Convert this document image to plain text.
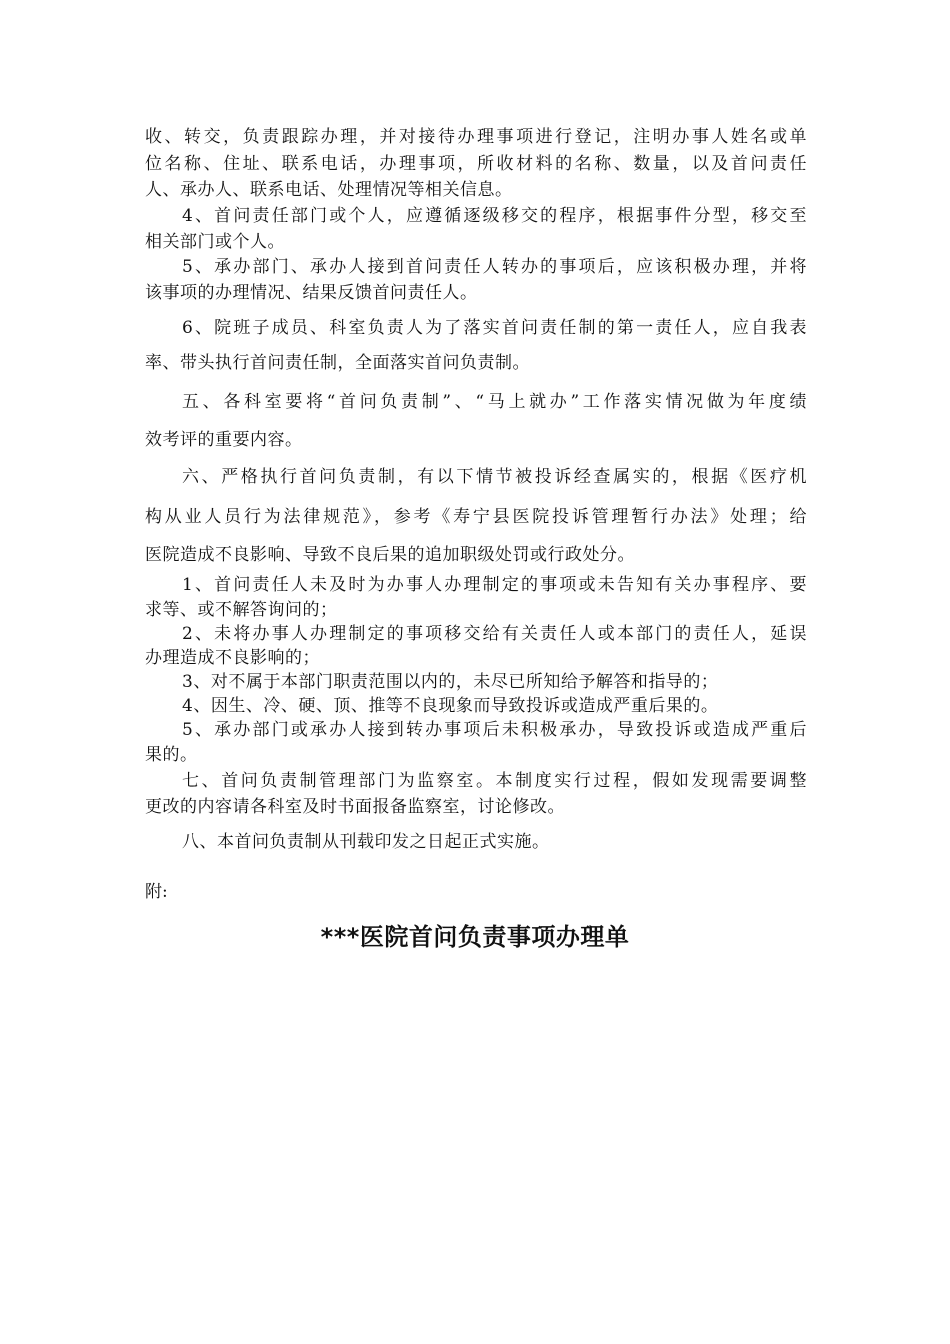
收、转交，负责跟踪办理，并对接待办理事项进行登记，注明办事人姓名或单
位名称、住址、联系电话，办理事项，所收材料的名称、数量，以及首问责任
人、承办人、联系电话、处理情况等相关信息。
4、首问责任部门或个人，应遵循逐级移交的程序，根据事件分型，移交至
相关部门或个人。
5、承办部门、承办人接到首问责任人转办的事项后，应该积极办理，并将
该事项的办理情况、结果反馈首问责任人。
6、院班子成员、科室负责人为了落实首问责任制的第一责任人，应自我表
率、带头执行首问责任制，全面落实首问负责制。
五、各科室要将“首问负责制”、“马上就办”工作落实情况做为年度绩
效考评的重要内容。
六、严格执行首问负责制，有以下情节被投诉经查属实的，根据《医疗机
构从业人员行为法律规范》，参考《寿宁县医院投诉管理暂行办法》处理；给
医院造成不良影响、导致不良后果的追加职级处罚或行政处分。
1、首问责任人未及时为办事人办理制定的事项或未告知有关办事程序、要
求等、或不解答询问的；
2、未将办事人办理制定的事项移交给有关责任人或本部门的责任人，延误
办理造成不良影响的；
3、对不属于本部门职责范围以内的，未尽已所知给予解答和指导的；
4、因生、冷、硬、顶、推等不良现象而导致投诉或造成严重后果的。
5、承办部门或承办人接到转办事项后未积极承办，导致投诉或造成严重后
果的。
七、首问负责制管理部门为监察室。本制度实行过程，假如发现需要调整
更改的内容请各科室及时书面报备监察室，讨论修改。
八、本首问负责制从刊载印发之日起正式实施。
附:
***医院首问负责事项办理单
